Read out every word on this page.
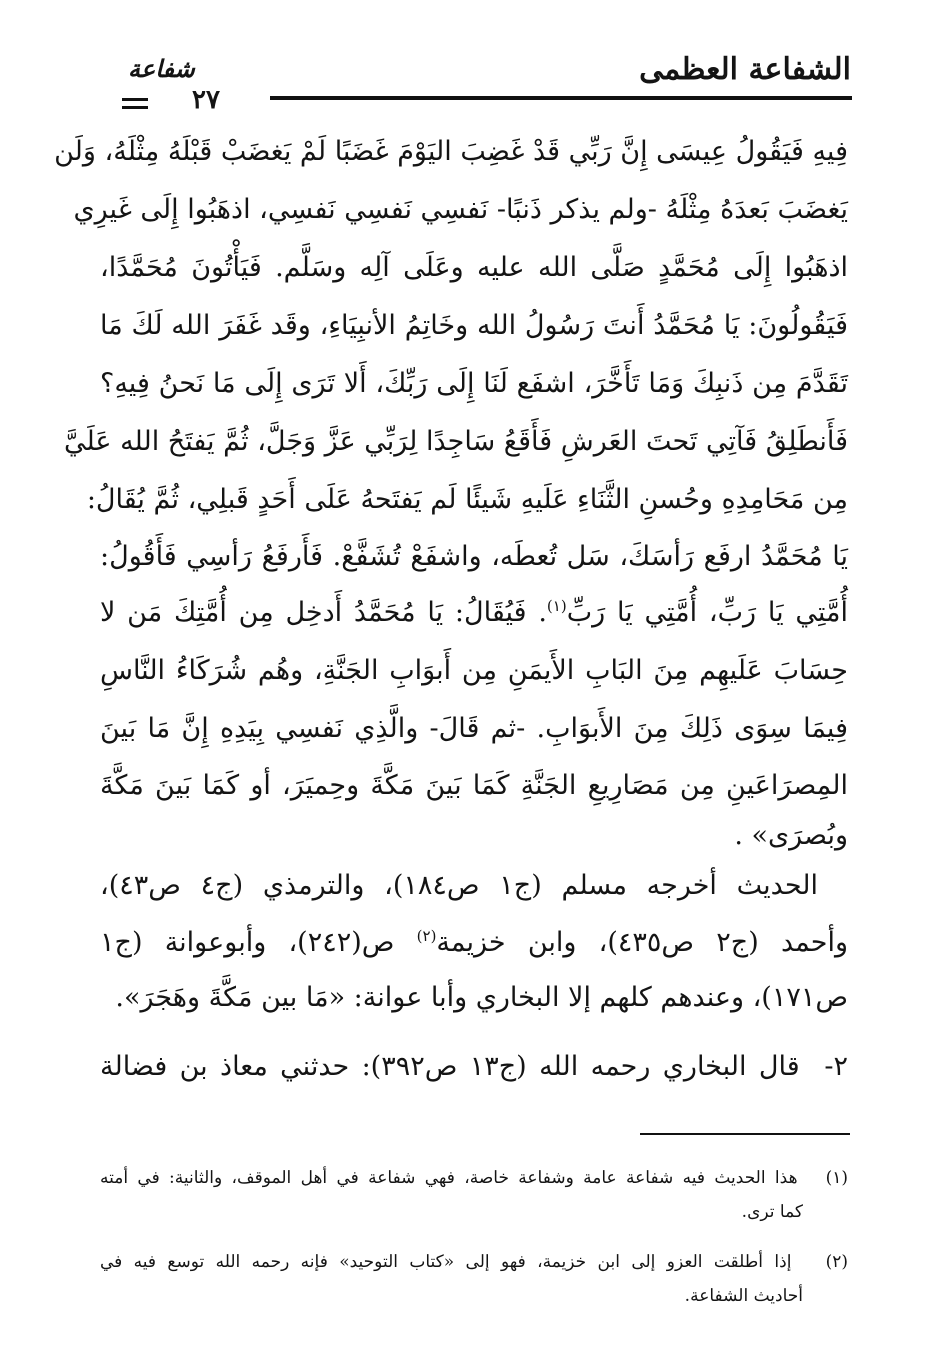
الشفاعة العظمى
شفاعة
٢٧
فِيهِ فَيَقُولُ عِيسَى إِنَّ رَبِّي قَدْ غَضِبَ اليَوْمَ غَضَبًا لَمْ يَغضَبْ قَبْلَهُ مِثْلَهُ، وَلَن
يَغضَبَ بَعدَهُ مِثْلَهُ -ولم يذكر ذَنبًا- نَفسِي نَفسِي نَفسِي، اذهَبُوا إِلَى غَيرِي
اذهَبُوا إِلَى مُحَمَّدٍ صَلَّى الله عليه وعَلَى آلِه وسَلَّم. فَيَأْتُونَ مُحَمَّدًا،
فَيَقُولُونَ: يَا مُحَمَّدُ أَنتَ رَسُولُ الله وخَاتِمُ الأنبِيَاءِ، وقَد غَفَرَ الله لَكَ مَا
تَقَدَّمَ مِن ذَنبِكَ وَمَا تَأَخَّرَ، اشفَع لَنَا إِلَى رَبِّكَ، أَلا تَرَى إِلَى مَا نَحنُ فِيهِ؟
فَأَنطَلِقُ فَآتِي تَحتَ العَرشِ فَأَقَعُ سَاجِدًا لِرَبِّي عَزَّ وَجَلَّ، ثُمَّ يَفتَحُ الله عَلَيَّ
مِن مَحَامِدِهِ وحُسنِ الثَّنَاءِ عَلَيهِ شَيئًا لَم يَفتَحهُ عَلَى أَحَدٍ قَبلِي، ثُمَّ يُقَالُ:
يَا مُحَمَّدُ ارفَع رَأسَكَ، سَل تُعطَه، واشفَعْ تُشَفَّعْ. فَأَرفَعُ رَأسِي فَأَقُولُ:
أُمَّتِي يَا رَبِّ، أُمَّتِي يَا رَبِّ$^{(١)}$. فَيُقَالُ: يَا مُحَمَّدُ أَدخِل مِن أُمَّتِكَ مَن لا
حِسَابَ عَلَيهِم مِنَ البَابِ الأَيمَنِ مِن أَبوَابِ الجَنَّةِ، وهُم شُرَكَاءُ النَّاسِ
فِيمَا سِوَى ذَلِكَ مِنَ الأَبوَابِ. -ثم قَالَ- والَّذِي نَفسِي بِيَدِهِ إِنَّ مَا بَينَ
المِصرَاعَينِ مِن مَصَارِيعِ الجَنَّةِ كَمَا بَينَ مَكَّةَ وحِميَرَ، أو كَمَا بَينَ مَكَّةَ
وبُصرَى» .
الحديث أخرجه مسلم (ج١ ص١٨٤)، والترمذي (ج٤ ص٤٣)،
وأحمد (ج٢ ص٤٣٥)، وابن خزيمة$^{(٢)}$ ص(٢٤٢)، وأبوعوانة (ج١
ص١٧١)، وعندهم كلهم إلا البخاري وأبا عوانة: «مَا بين مَكَّةَ وهَجَرَ».
٢-  قال البخاري رحمه الله (ج١٣ ص٣٩٢): حدثني معاذ بن فضالة
(١)   هذا الحديث فيه شفاعة عامة وشفاعة خاصة، فهي شفاعة في أهل الموقف، والثانية: في أمته
كما ترى.
(٢)   إذا أطلقت العزو إلى ابن خزيمة، فهو إلى «كتاب التوحيد» فإنه رحمه الله توسع فيه في
أحاديث الشفاعة.
